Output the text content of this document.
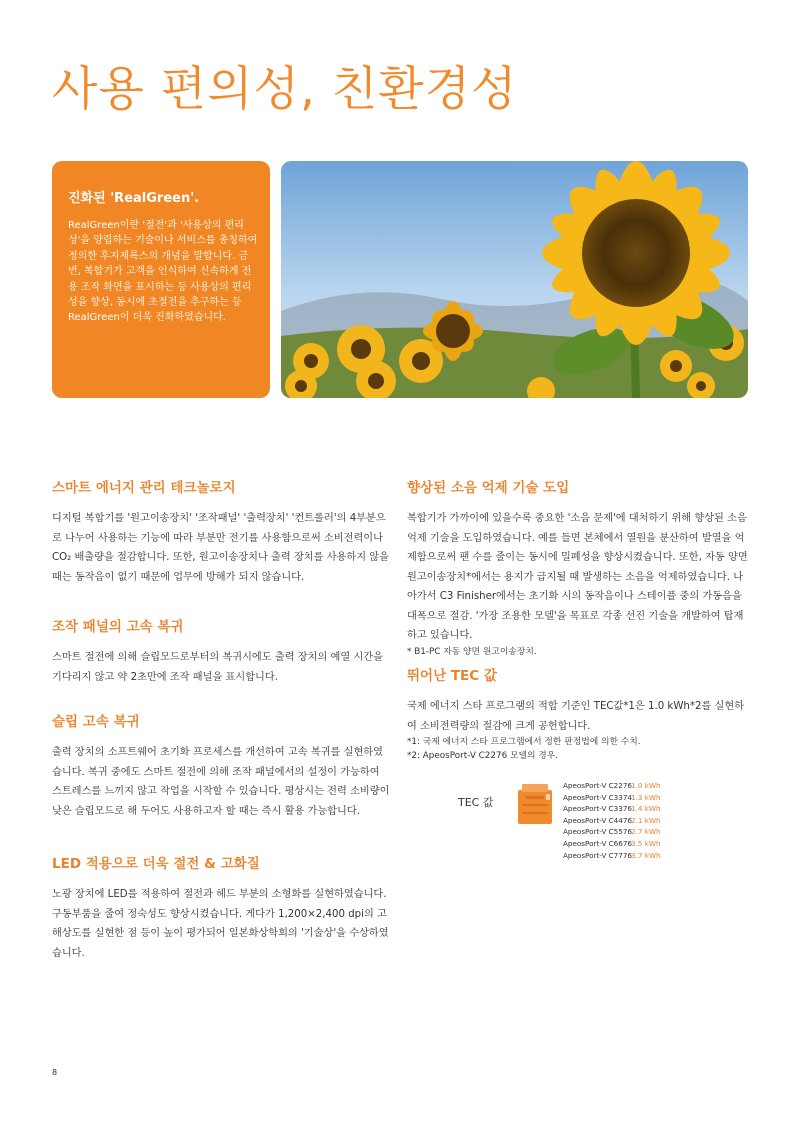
사용 편의성, 친환경성

진화된 'RealGreen'.

RealGreen이란 '절전'과 '사용상의 편리성'을 양립하는 기술이나 서비스를 총칭하여 정의한 후지제록스의 개념을 말합니다. 금번, 복합기가 고객을 인식하여 신속하게 전용 조작 화면을 표시하는 등 사용상의 편리성을 향상, 동시에 초절전을 추구하는 등 RealGreen이 더욱 진화하였습니다.

스마트 에너지 관리 테크놀로지

디지털 복합기를 '원고이송장치' '조작패널' '출력장치' '컨트롤러'의 4부분으로 나누어 사용하는 기능에 따라 부분만 전기를 사용함으로써 소비전력이나 CO₂ 배출량을 절감합니다. 또한, 원고이송장치나 출력 장치를 사용하지 않을 때는 동작음이 없기 때문에 업무에 방해가 되지 않습니다.

조작 패널의 고속 복귀

스마트 절전에 의해 슬립모드로부터의 복귀시에도 출력 장치의 예열 시간을 기다리지 않고 약 2초만에 조작 패널을 표시합니다.

슬립 고속 복귀

출력 장치의 소프트웨어 초기화 프로세스를 개선하여 고속 복귀를 실현하였습니다. 복귀 중에도 스마트 절전에 의해 조작 패널에서의 설정이 가능하여 스트레스를 느끼지 않고 작업을 시작할 수 있습니다. 평상시는 전력 소비량이 낮은 슬립모드로 해 두어도 사용하고자 할 때는 즉시 활용 가능합니다.

LED 적용으로 더욱 절전 & 고화질

노광 장치에 LED를 적용하여 절전과 헤드 부분의 소형화를 실현하였습니다. 구동부품을 줄여 정숙성도 향상시켰습니다. 게다가 1,200×2,400 dpi의 고해상도를 실현한 점 등이 높이 평가되어 일본화상학회의 '기술상'을 수상하였습니다.

향상된 소음 억제 기술 도입

복합기가 가까이에 있을수록 중요한 '소음 문제'에 대처하기 위해 향상된 소음 억제 기술을 도입하였습니다. 예를 들면 본체에서 열원을 분산하여 발열을 억제함으로써 팬 수를 줄이는 동시에 밀폐성을 향상시켰습니다. 또한, 자동 양면 원고이송장치*에서는 용지가 급지될 때 발생하는 소음을 억제하였습니다. 나아가서 C3 Finisher에서는 초기화 시의 동작음이나 스테이플 중의 가동음을 대폭으로 절감. '가장 조용한 모델'을 목표로 각종 선진 기술을 개발하여 탑재하고 있습니다.

* B1-PC 자동 양면 원고이송장치.

뛰어난 TEC 값

국제 에너지 스타 프로그램의 적합 기준인 TEC값*1은 1.0 kWh*2를 실현하여 소비전력량의 절감에 크게 공헌합니다.

*1: 국제 에너지 스타 프로그램에서 정한 판정법에 의한 수치.

*2: ApeosPort-V C2276 모델의 경우.

TEC 값
ApeosPort-V C22761.0 kWh
ApeosPort-V C33741.3 kWh
ApeosPort-V C33761.4 kWh
ApeosPort-V C44762.1 kWh
ApeosPort-V C55762.7 kWh
ApeosPort-V C66763.5 kWh
ApeosPort-V C77763.7 kWh
8
